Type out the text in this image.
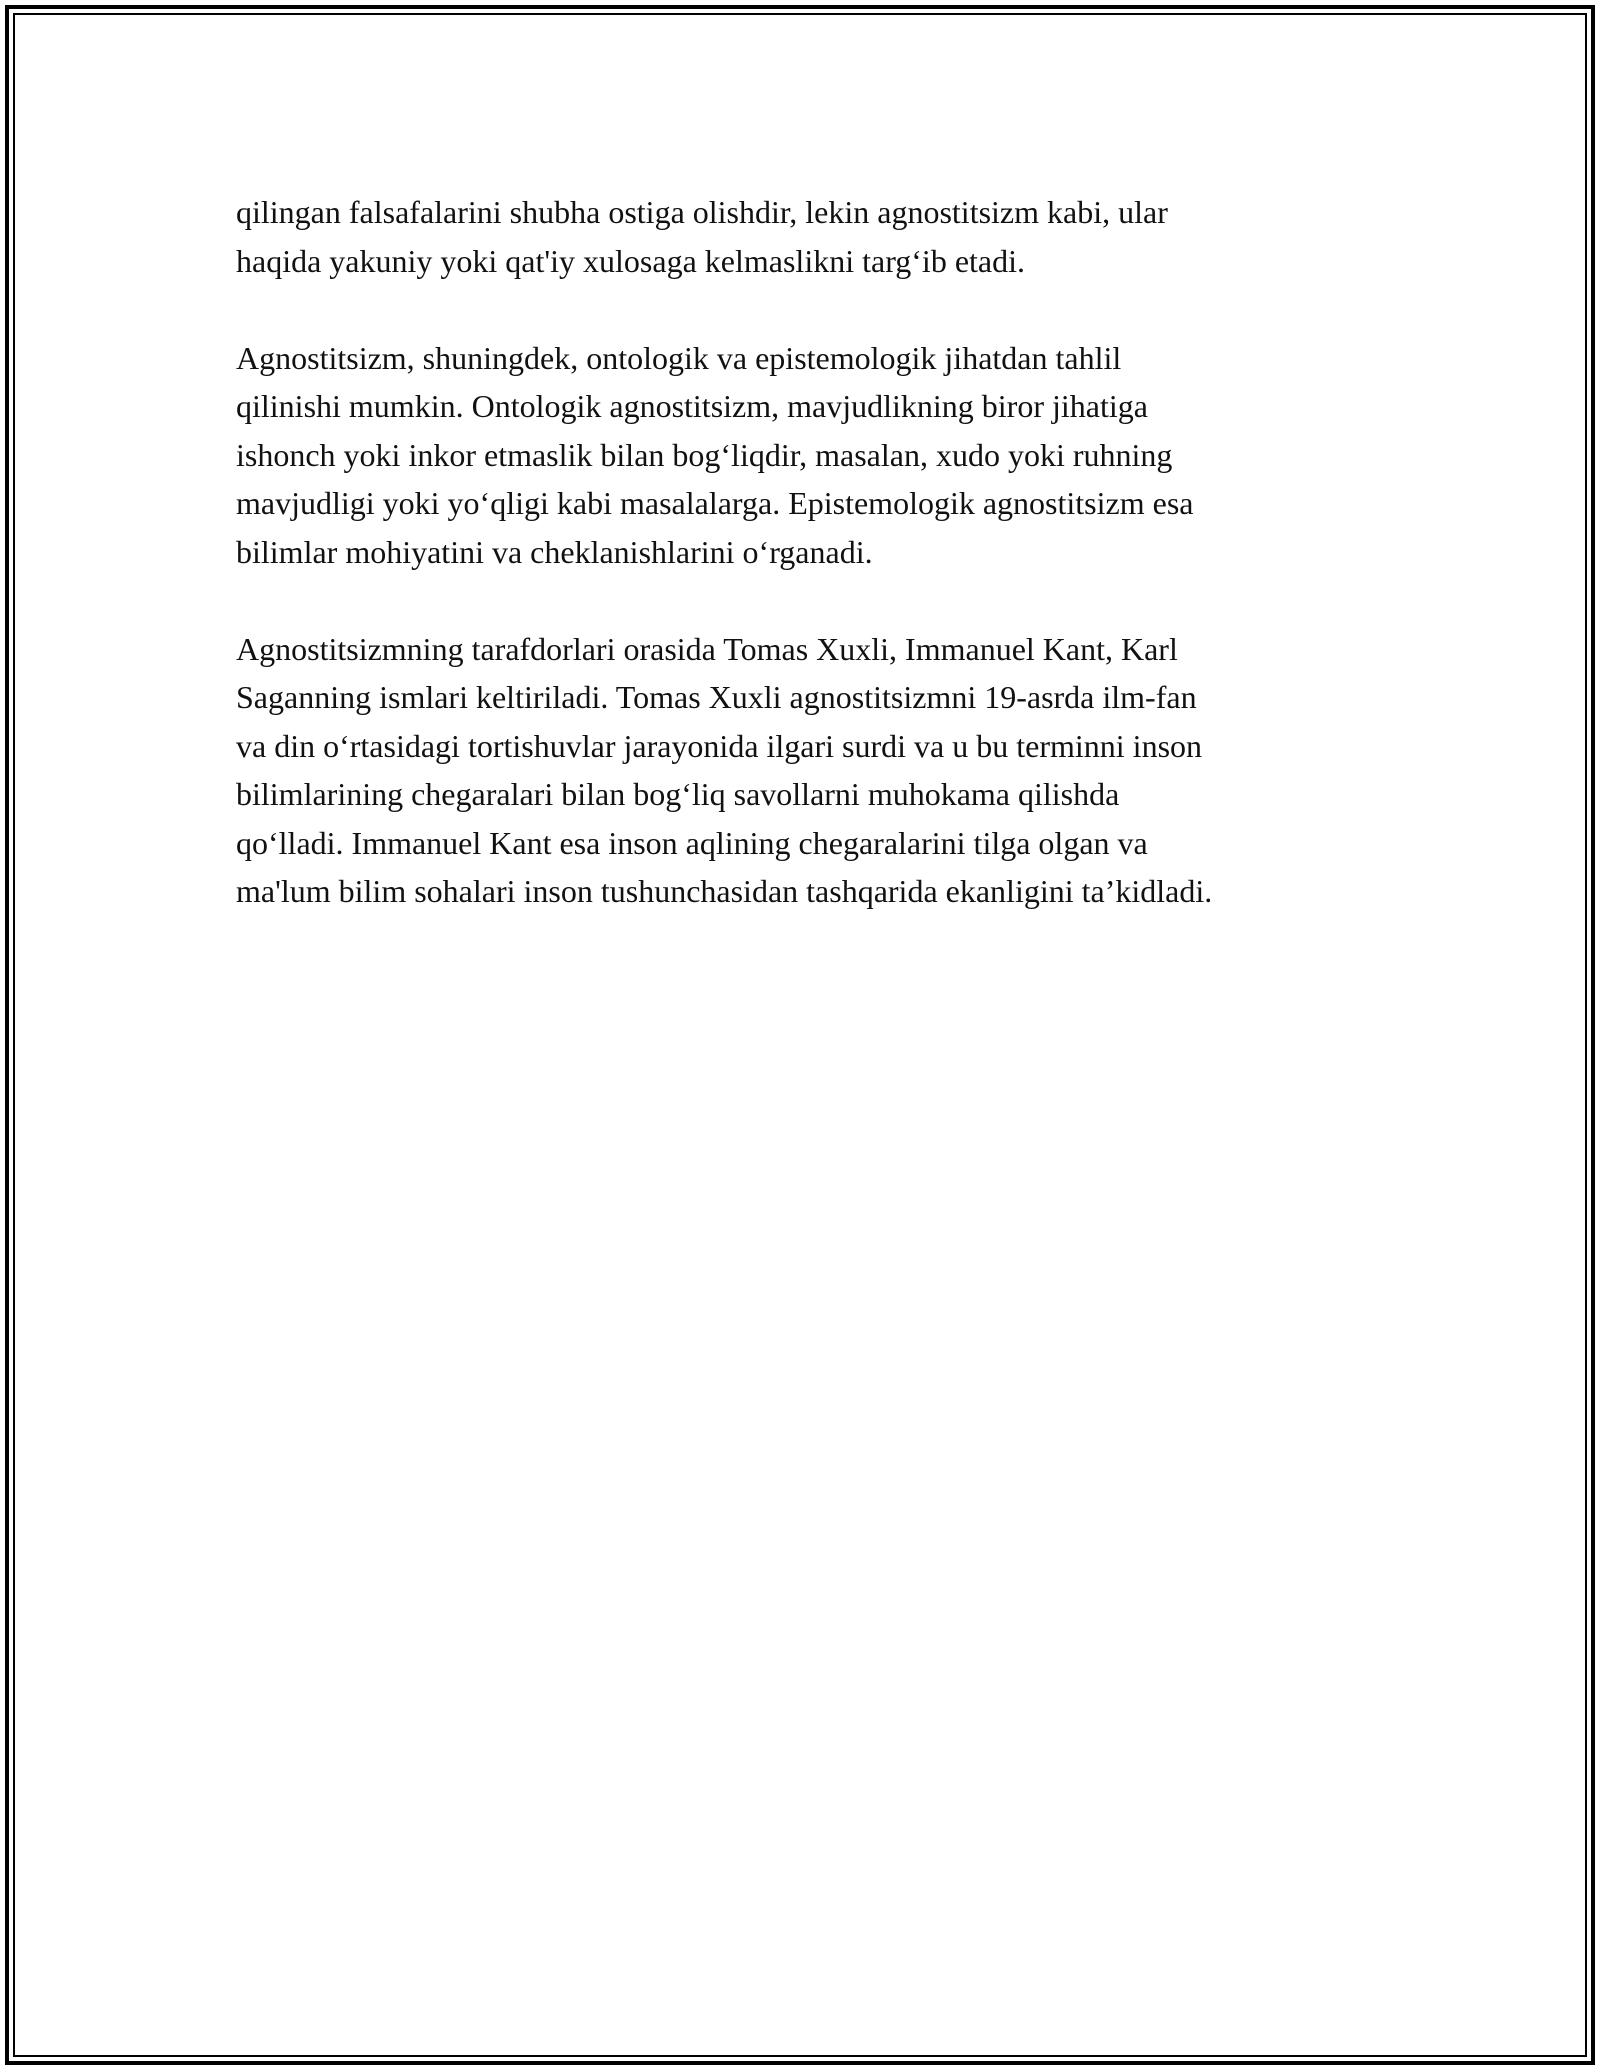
qilingan falsafalarini shubha ostiga olishdir, lekin agnostitsizm kabi, ular
haqida yakuniy yoki qat'iy xulosaga kelmaslikni targ‘ib etadi.

Agnostitsizm, shuningdek, ontologik va epistemologik jihatdan tahlil
qilinishi mumkin. Ontologik agnostitsizm, mavjudlikning biror jihatiga
ishonch yoki inkor etmaslik bilan bog‘liqdir, masalan, xudo yoki ruhning
mavjudligi yoki yo‘qligi kabi masalalarga. Epistemologik agnostitsizm esa
bilimlar mohiyatini va cheklanishlarini o‘rganadi.

Agnostitsizmning tarafdorlari orasida Tomas Xuxli, Immanuel Kant, Karl
Saganning ismlari keltiriladi. Tomas Xuxli agnostitsizmni 19-asrda ilm-fan
va din o‘rtasidagi tortishuvlar jarayonida ilgari surdi va u bu terminni inson
bilimlarining chegaralari bilan bog‘liq savollarni muhokama qilishda
qo‘lladi. Immanuel Kant esa inson aqlining chegaralarini tilga olgan va
ma'lum bilim sohalari inson tushunchasidan tashqarida ekanligini ta’kidladi.
